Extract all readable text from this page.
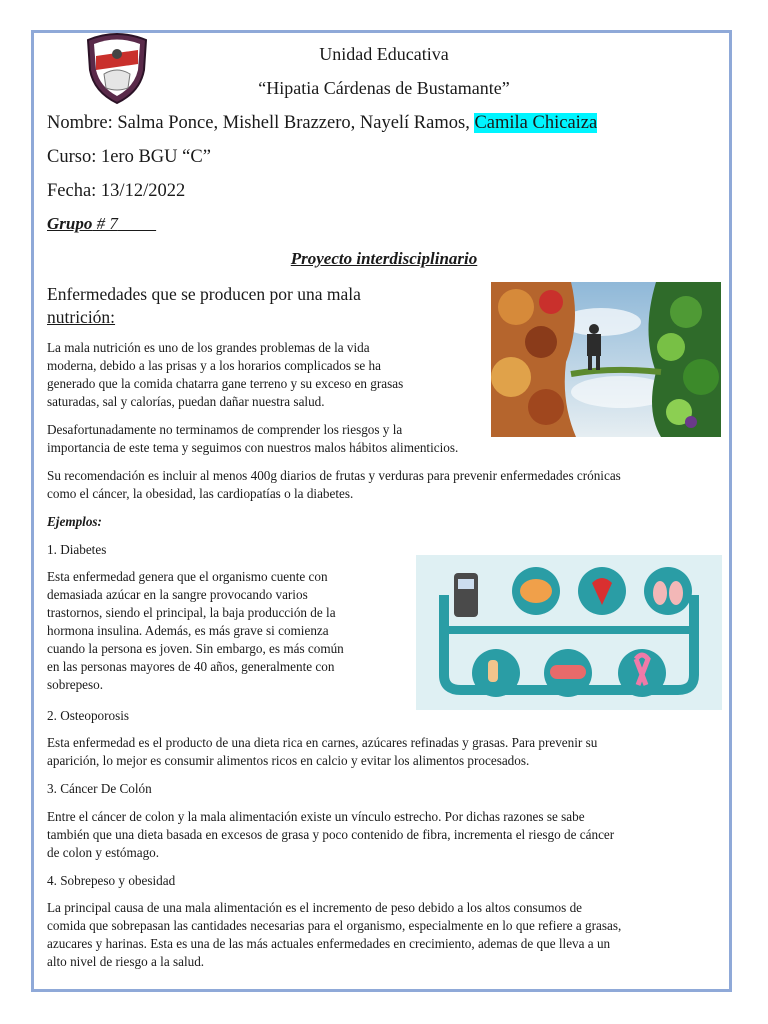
Unidad Educativa

“Hipatia Cárdenas de Bustamante”

Nombre: Salma Ponce, Mishell Brazzero, Nayelí Ramos, Camila Chicaiza

Curso: 1ero BGU “C”

Fecha: 13/12/2022

Grupo # 7

Proyecto interdisciplinario

Enfermedades que se producen por una mala
nutrición:
La mala nutrición es uno de los grandes problemas de la vida
moderna, debido a las prisas y a los horarios complicados se ha
generado que la comida chatarra gane terreno y su exceso en grasas
saturadas, sal y calorías, puedan dañar nuestra salud.
Desafortunadamente no terminamos de comprender los riesgos y la
importancia de este tema y seguimos con nuestros malos hábitos alimenticios.
Su recomendación es incluir al menos 400g diarios de frutas y verduras para prevenir enfermedades crónicas
como el cáncer, la obesidad, las cardiopatías o la diabetes.

Ejemplos:

1. Diabetes

Esta enfermedad genera que el organismo cuente con
demasiada azúcar en la sangre provocando varios
trastornos, siendo el principal, la baja producción de la
hormona insulina. Además, es más grave si comienza
cuando la persona es joven. Sin embargo, es más común
en las personas mayores de 40 años, generalmente con
sobrepeso.

2. Osteoporosis

Esta enfermedad es el producto de una dieta rica en carnes, azúcares refinadas y grasas. Para prevenir su
aparición, lo mejor es consumir alimentos ricos en calcio y evitar los alimentos procesados.

3. Cáncer De Colón

Entre el cáncer de colon y la mala alimentación existe un vínculo estrecho. Por dichas razones se sabe
también que una dieta basada en excesos de grasa y poco contenido de fibra, incrementa el riesgo de cáncer
de colon y estómago.

4. Sobrepeso y obesidad

La principal causa de una mala alimentación es el incremento de peso debido a los altos consumos de
comida que sobrepasan las cantidades necesarias para el organismo, especialmente en lo que refiere a grasas,
azucares y harinas. Esta es una de las más actuales enfermedades en crecimiento, ademas de que lleva a un
alto nivel de riesgo a la salud.
